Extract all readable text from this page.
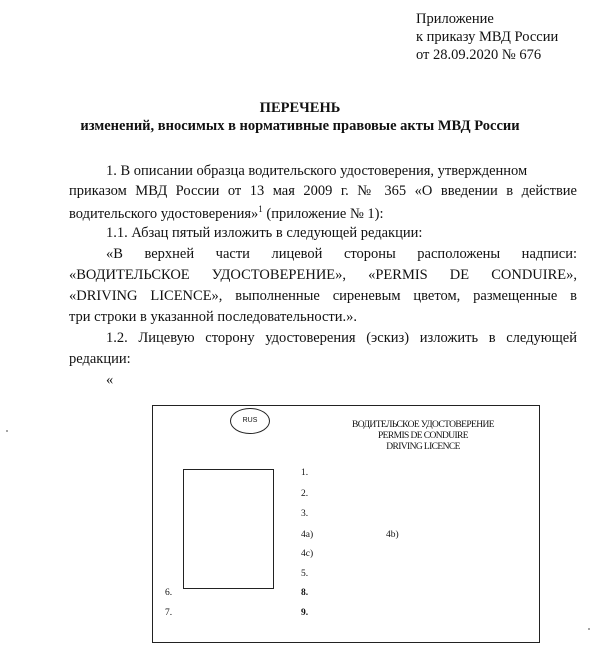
Приложение
к приказу МВД России
от 28.09.2020 № 676
ПЕРЕЧЕНЬ
изменений, вносимых в нормативные правовые акты МВД России
1. В описании образца водительского удостоверения, утвержденном
приказом МВД России от 13 мая 2009 г. № 365 «О введении в действие
водительского удостоверения»$^1$ (приложение № 1):
1.1. Абзац пятый изложить в следующей редакции:
«В верхней части лицевой стороны расположены надписи:
«ВОДИТЕЛЬСКОЕ УДОСТОВЕРЕНИЕ», «PERMIS DE CONDUIRE»,
«DRIVING LICENCE», выполненные сиреневым цветом, размещенные в
три строки в указанной последовательности.».
1.2. Лицевую сторону удостоверения (эскиз) изложить в следующей
редакции:
«
RUS	ВОДИТЕЛЬСКОЕ УДОСТОВЕРЕНИЕ
PERMIS DE CONDUIRE
DRIVING LICENCE
1.
2.
3.
4a)	4b)
4c)
5.
6.	8.
7.	9.
